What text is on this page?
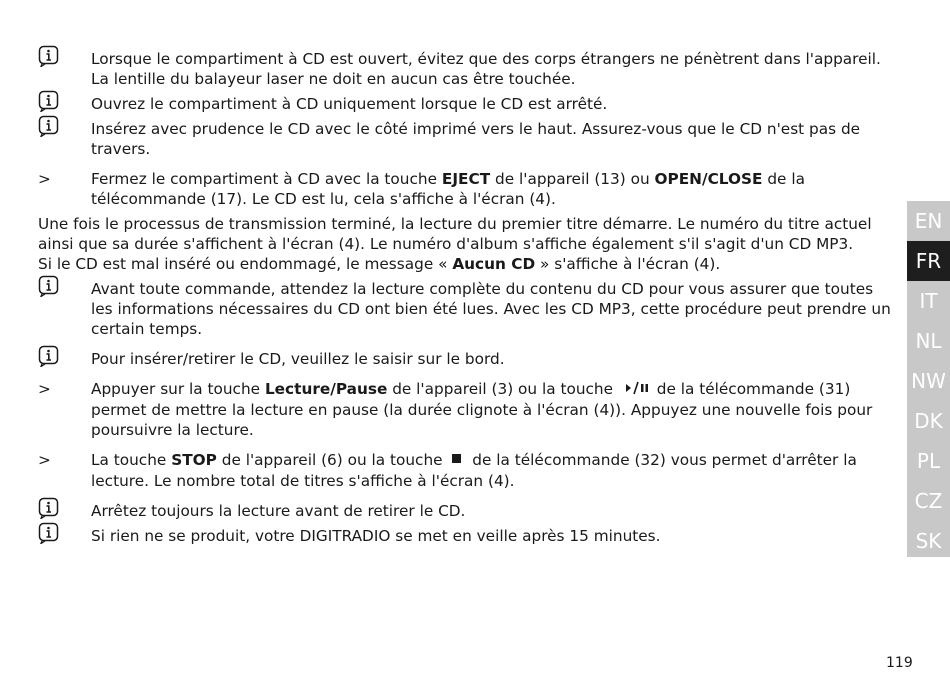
Lorsque le compartiment à CD est ouvert, évitez que des corps étrangers ne pénètrent dans l'appareil.
La lentille du balayeur laser ne doit en aucun cas être touchée.
Ouvrez le compartiment à CD uniquement lorsque le CD est arrêté.
Insérez avec prudence le CD avec le côté imprimé vers le haut. Assurez-vous que le CD n'est pas de travers.
>	Fermez le compartiment à CD avec la touche EJECT de l'appareil (13) ou OPEN/CLOSE de la télécommande (17). Le CD est lu, cela s'affiche à l'écran (4).
Une fois le processus de transmission terminé, la lecture du premier titre démarre. Le numéro du titre actuel ainsi que sa durée s'affichent à l'écran (4). Le numéro d'album s'affiche également s'il s'agit d'un CD MP3.
Si le CD est mal inséré ou endommagé, le message « Aucun CD » s'affiche à l'écran (4).
Avant toute commande, attendez la lecture complète du contenu du CD pour vous assurer que toutes les informations nécessaires du CD ont bien été lues. Avec les CD MP3, cette procédure peut prendre un certain temps.
Pour insérer/retirer le CD, veuillez le saisir sur le bord.
>	Appuyer sur la touche Lecture/Pause de l'appareil (3) ou la touche  de la télécommande (31) permet de mettre la lecture en pause (la durée clignote à l'écran (4)). Appuyez une nouvelle fois pour poursuivre la lecture.
>	La touche STOP de l'appareil (6) ou la touche  de la télécommande (32) vous permet d'arrêter la lecture. Le nombre total de titres s'affiche à l'écran (4).
Arrêtez toujours la lecture avant de retirer le CD.
Si rien ne se produit, votre DIGITRADIO se met en veille après 15 minutes.
EN
FR
IT
NL
NW
DK
PL
CZ
SK
119
